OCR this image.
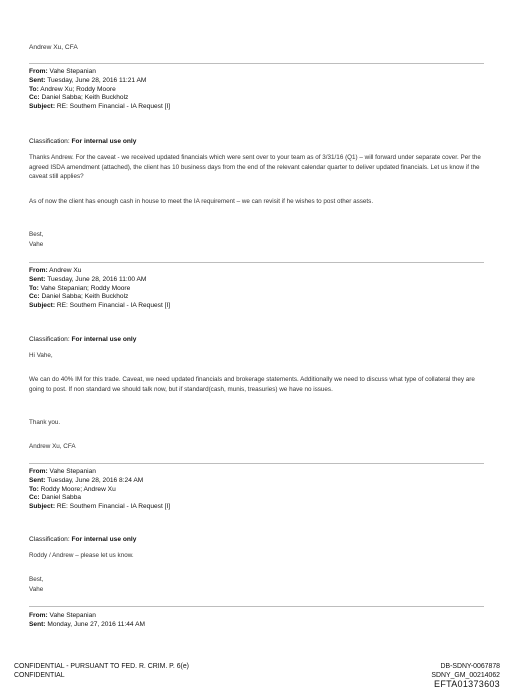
Andrew Xu, CFA
From: Vahe Stepanian
Sent: Tuesday, June 28, 2016 11:21 AM
To: Andrew Xu; Roddy Moore
Cc: Daniel Sabba; Keith Buckholz
Subject: RE: Southern Financial - IA Request [I]
Classification: For internal use only
Thanks Andrew. For the caveat - we received updated financials which were sent over to your team as of 3/31/16 (Q1) – will forward under separate cover. Per the agreed ISDA amendment (attached), the client has 10 business days from the end of the relevant calendar quarter to deliver updated financials. Let us know if the caveat still applies?
As of now the client has enough cash in house to meet the IA requirement – we can revisit if he wishes to post other assets.
Best,
Vahe
From: Andrew Xu
Sent: Tuesday, June 28, 2016 11:00 AM
To: Vahe Stepanian; Roddy Moore
Cc: Daniel Sabba; Keith Buckholz
Subject: RE: Southern Financial - IA Request [I]
Classification: For internal use only
Hi Vahe,
We can do 40% IM for this trade. Caveat, we need updated financials and brokerage statements. Additionally we need to discuss what type of collateral they are going to post. If non standard we should talk now, but if standard(cash, munis, treasuries) we have no issues.
Thank you.
Andrew Xu, CFA
From: Vahe Stepanian
Sent: Tuesday, June 28, 2016 8:24 AM
To: Roddy Moore; Andrew Xu
Cc: Daniel Sabba
Subject: RE: Southern Financial - IA Request [I]
Classification: For internal use only
Roddy / Andrew – please let us know.
Best,
Vahe
From: Vahe Stepanian
Sent: Monday, June 27, 2016 11:44 AM
CONFIDENTIAL - PURSUANT TO FED. R. CRIM. P. 6(e)
CONFIDENTIAL
DB-SDNY-0067878
SDNY_GM_00214062
EFTA01373603
